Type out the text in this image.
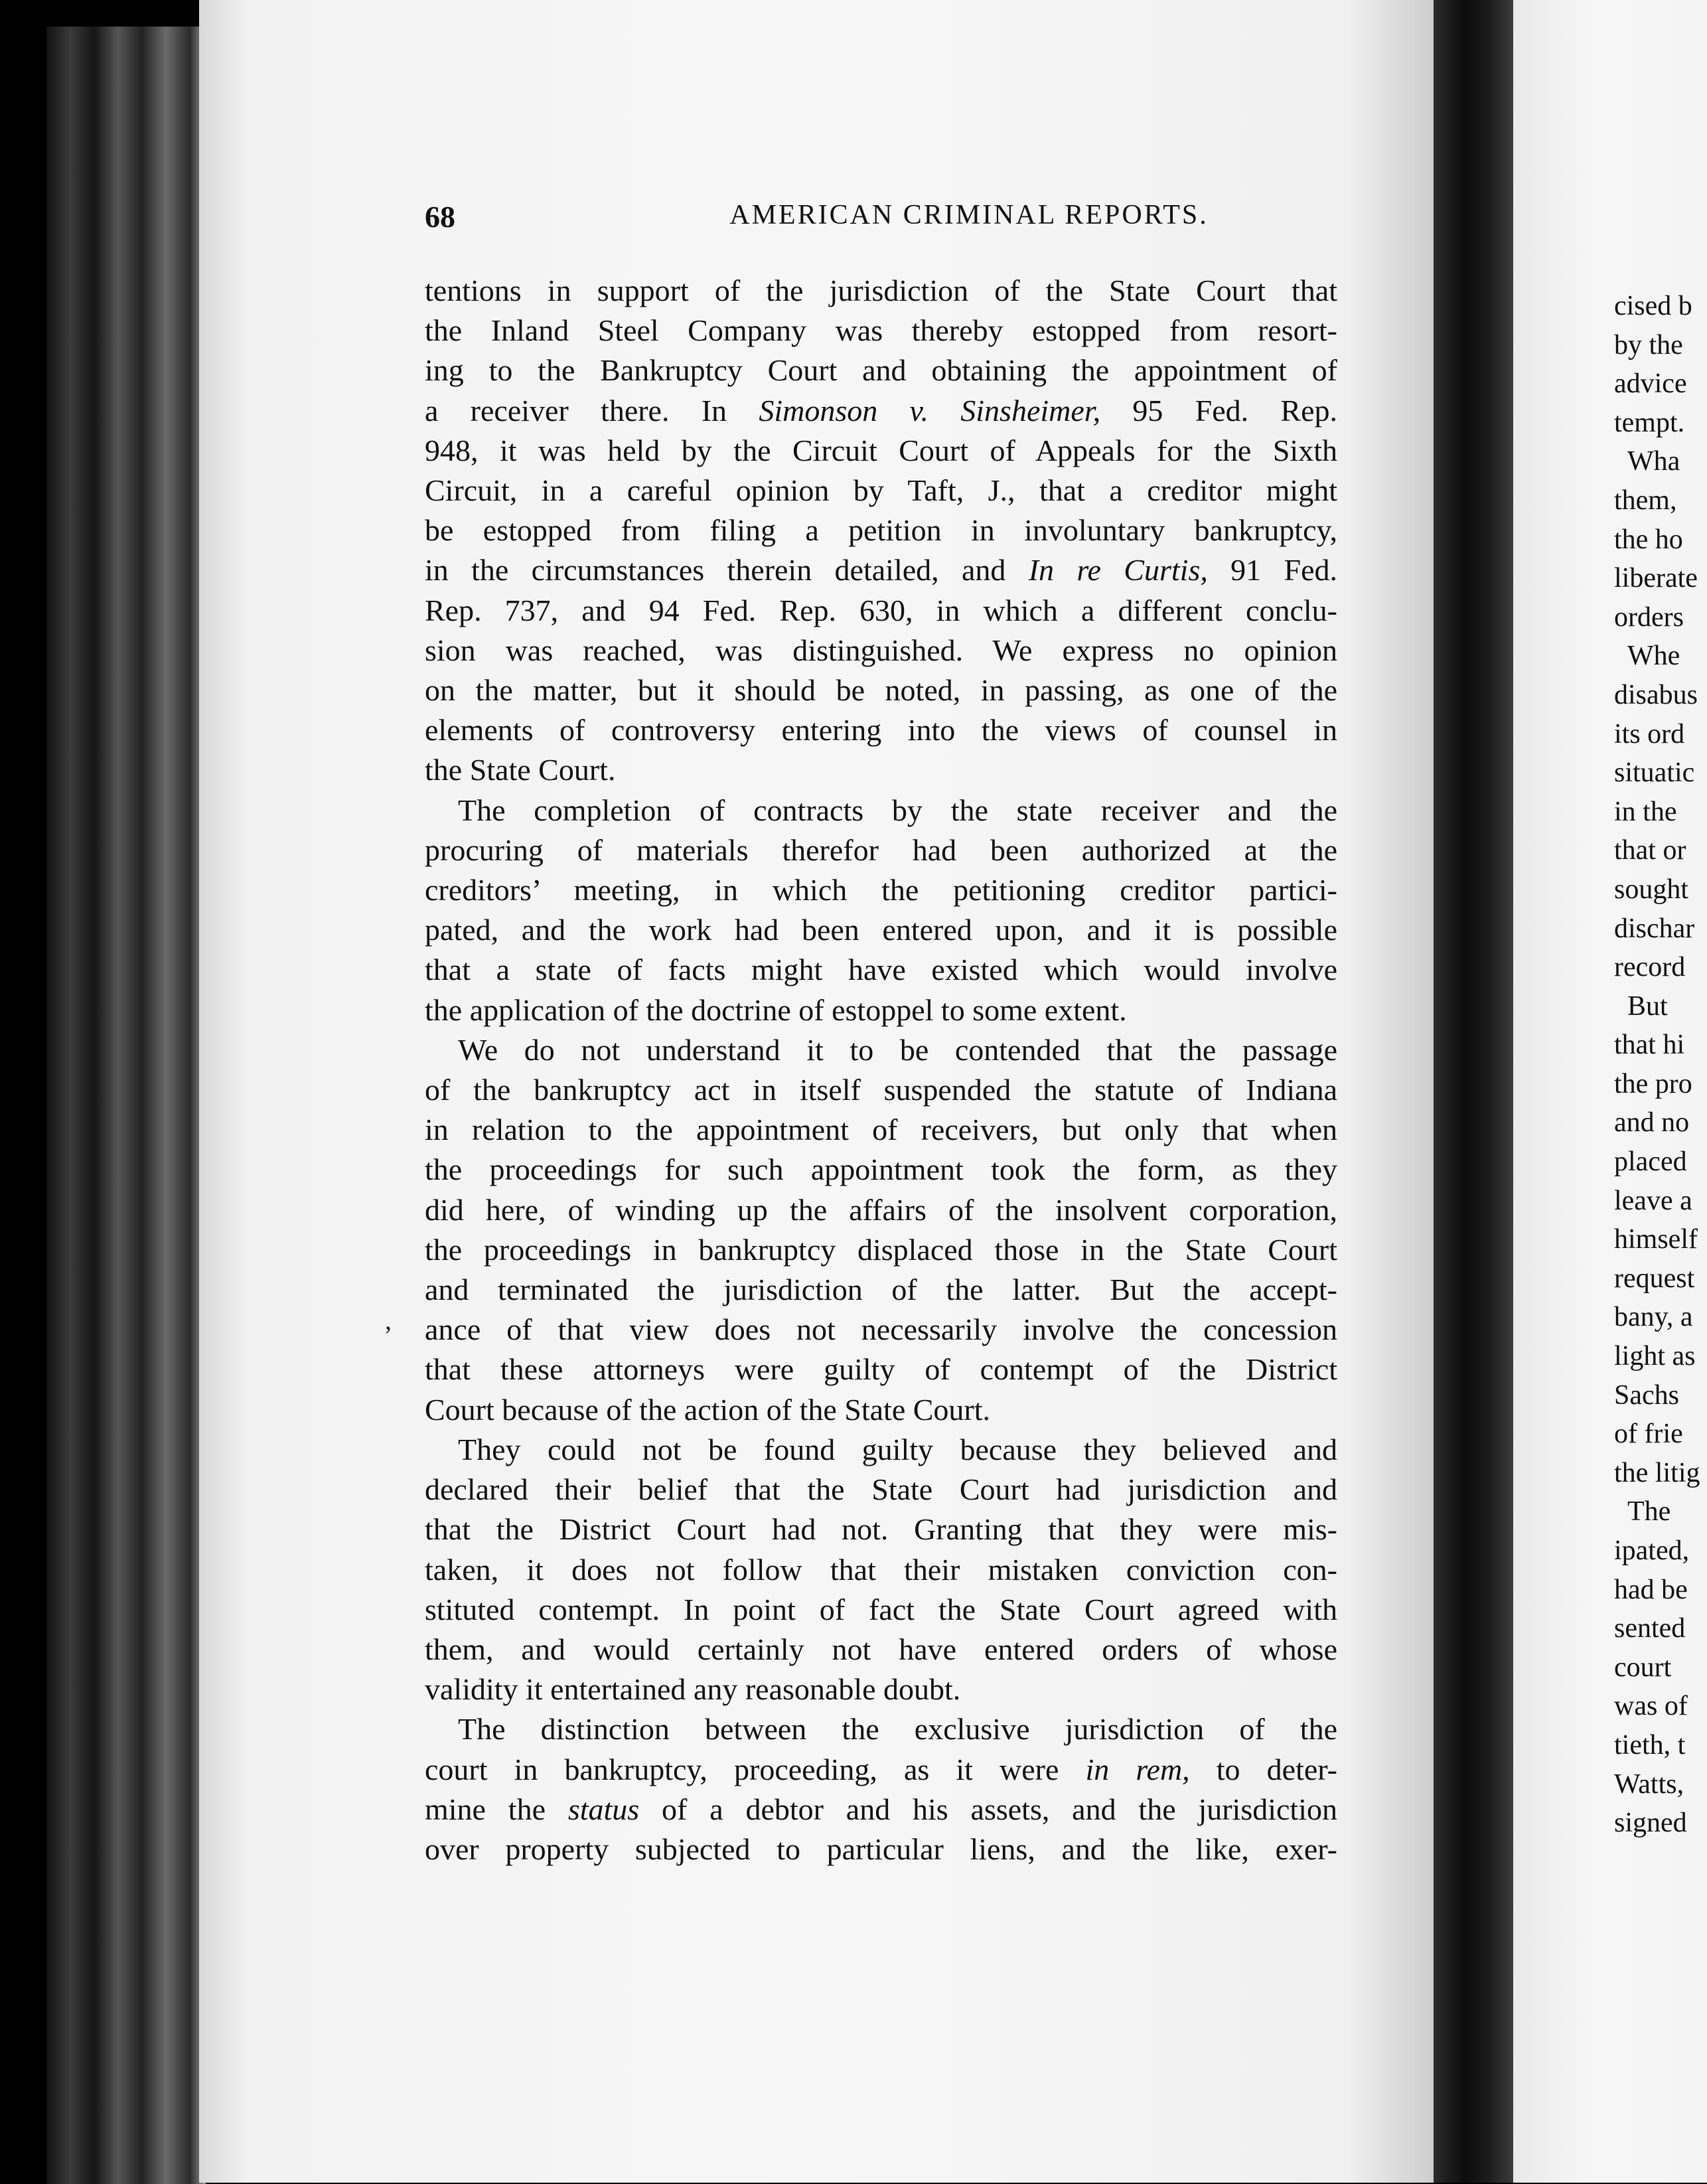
68	AMERICAN CRIMINAL REPORTS.
’
tentions in support of the jurisdiction of the State Court that
the Inland Steel Company was thereby estopped from resort-
ing to the Bankruptcy Court and obtaining the appointment of
a receiver there. In Simonson v. Sinsheimer, 95 Fed. Rep.
948, it was held by the Circuit Court of Appeals for the Sixth
Circuit, in a careful opinion by Taft, J., that a creditor might
be estopped from filing a petition in involuntary bankruptcy,
in the circumstances therein detailed, and In re Curtis, 91 Fed.
Rep. 737, and 94 Fed. Rep. 630, in which a different conclu-
sion was reached, was distinguished. We express no opinion
on the matter, but it should be noted, in passing, as one of the
elements of controversy entering into the views of counsel in
the State Court.
The completion of contracts by the state receiver and the
procuring of materials therefor had been authorized at the
creditors’ meeting, in which the petitioning creditor partici-
pated, and the work had been entered upon, and it is possible
that a state of facts might have existed which would involve
the application of the doctrine of estoppel to some extent.
We do not understand it to be contended that the passage
of the bankruptcy act in itself suspended the statute of Indiana
in relation to the appointment of receivers, but only that when
the proceedings for such appointment took the form, as they
did here, of winding up the affairs of the insolvent corporation,
the proceedings in bankruptcy displaced those in the State Court
and terminated the jurisdiction of the latter. But the accept-
ance of that view does not necessarily involve the concession
that these attorneys were guilty of contempt of the District
Court because of the action of the State Court.
They could not be found guilty because they believed and
declared their belief that the State Court had jurisdiction and
that the District Court had not. Granting that they were mis-
taken, it does not follow that their mistaken conviction con-
stituted contempt. In point of fact the State Court agreed with
them, and would certainly not have entered orders of whose
validity it entertained any reasonable doubt.
The distinction between the exclusive jurisdiction of the
court in bankruptcy, proceeding, as it were in rem, to deter-
mine the status of a debtor and his assets, and the jurisdiction
over property subjected to particular liens, and the like, exer-
cised b
by the
advice
tempt.
Wha
them,
the ho
liberate
orders
Whe
disabus
its ord
situatic
in the
that or
sought
dischar
record
But
that hi
the pro
and no
placed
leave a
himself
request
bany, a
light as
Sachs
of frie
the litig
The
ipated,
had be
sented
court
was of
tieth, t
Watts,
signed
